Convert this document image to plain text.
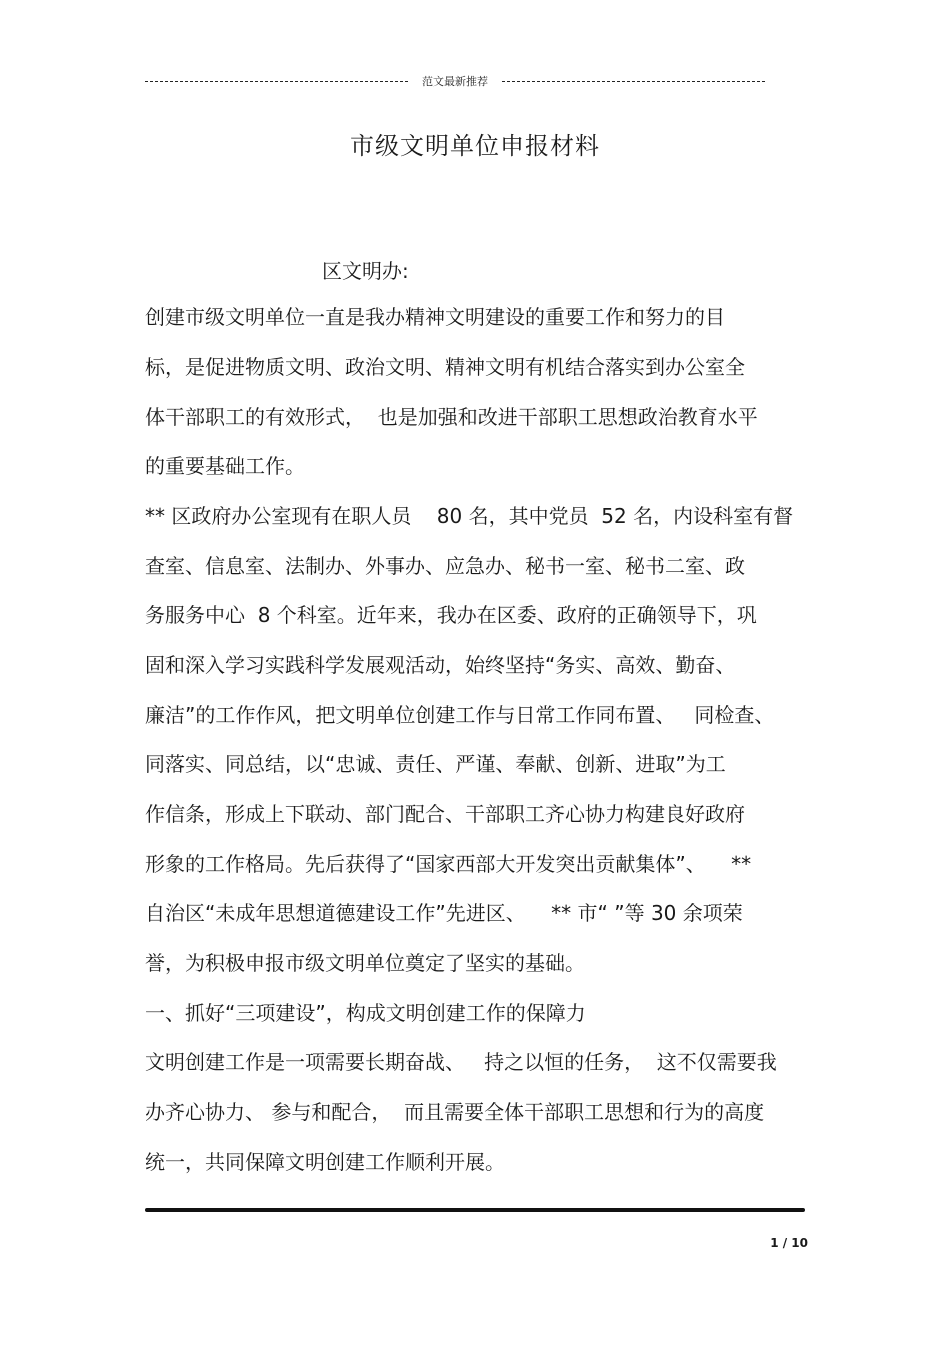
范文最新推荐
市级文明单位申报材料

区文明办:

创建市级文明单位一直是我办精神文明建设的重要工作和努力的目

标，是促进物质文明、政治文明、精神文明有机结合落实到办公室全

体干部职工的有效形式，  也是加强和改进干部职工思想政治教育水平

的重要基础工作。

** 区政府办公室现有在职人员    80 名，其中党员  52 名，内设科室有督

查室、信息室、法制办、外事办、应急办、秘书一室、秘书二室、政

务服务中心  8 个科室。近年来，我办在区委、政府的正确领导下，巩

固和深入学习实践科学发展观活动，始终坚持“务实、高效、勤奋、

廉洁”的工作作风，把文明单位创建工作与日常工作同布置、   同检查、

同落实、同总结，以“忠诚、责任、严谨、奉献、创新、进取”为工

作信条，形成上下联动、部门配合、干部职工齐心协力构建良好政府

形象的工作格局。先后获得了“国家西部大开发突出贡献集体”、    **

自治区“未成年思想道德建设工作”先进区、    ** 市“ ”等 30 余项荣

誉，为积极申报市级文明单位奠定了坚实的基础。

一、抓好“三项建设”，构成文明创建工作的保障力

文明创建工作是一项需要长期奋战、   持之以恒的任务，  这不仅需要我

办齐心协力、 参与和配合，  而且需要全体干部职工思想和行为的高度

统一，共同保障文明创建工作顺利开展。

1 / 10
